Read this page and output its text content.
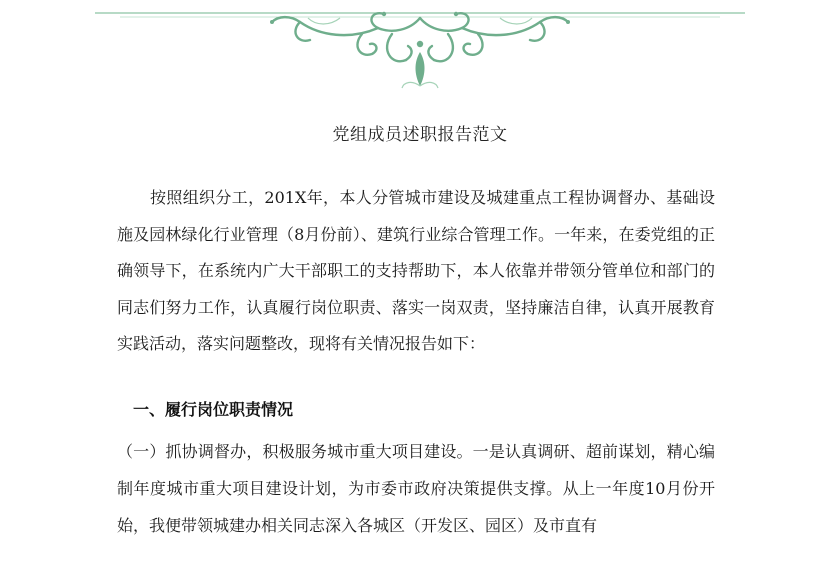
党组成员述职报告范文

按照组织分工，201X年，本人分管城市建设及城建重点工程协调督办、基础设施及园林绿化行业管理（8月份前）、建筑行业综合管理工作。一年来，在委党组的正确领导下，在系统内广大干部职工的支持帮助下，本人依靠并带领分管单位和部门的同志们努力工作，认真履行岗位职责、落实一岗双责，坚持廉洁自律，认真开展教育实践活动，落实问题整改，现将有关情况报告如下：

一、履行岗位职责情况

（一）抓协调督办，积极服务城市重大项目建设。一是认真调研、超前谋划，精心编制年度城市重大项目建设计划，为市委市政府决策提供支撑。从上一年度10月份开始，我便带领城建办相关同志深入各城区（开发区、园区）及市直有
